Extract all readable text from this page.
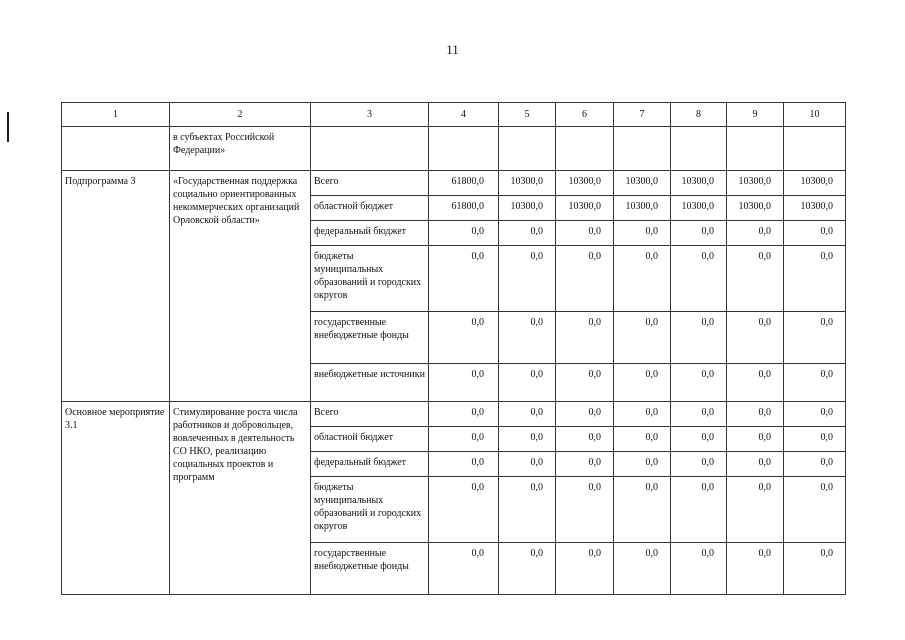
11
1	2	3	4	5	6	7	8	9	10
	в субъектах Российской Федерации»								
Подпрограмма 3	«Государственная поддержка социально ориентированных некоммерческих организаций Орловской области»	Всего	61800,0	10300,0	10300,0	10300,0	10300,0	10300,0	10300,0
		областной бюджет	61800,0	10300,0	10300,0	10300,0	10300,0	10300,0	10300,0
		федеральный бюджет	0,0	0,0	0,0	0,0	0,0	0,0	0,0
		бюджеты муниципальных образований и городских округов	0,0	0,0	0,0	0,0	0,0	0,0	0,0
		государственные внебюджетные фонды	0,0	0,0	0,0	0,0	0,0	0,0	0,0
		внебюджетные источники	0,0	0,0	0,0	0,0	0,0	0,0	0,0
Основное мероприятие 3.1	Стимулирование роста числа работников и добровольцев, вовлеченных в деятельность СО НКО, реализацию социальных проектов и программ	Всего	0,0	0,0	0,0	0,0	0,0	0,0	0,0
		областной бюджет	0,0	0,0	0,0	0,0	0,0	0,0	0,0
		федеральный бюджет	0,0	0,0	0,0	0,0	0,0	0,0	0,0
		бюджеты муниципальных образований и городских округов	0,0	0,0	0,0	0,0	0,0	0,0	0,0
		государственные внебюджетные фонды	0,0	0,0	0,0	0,0	0,0	0,0	0,0
